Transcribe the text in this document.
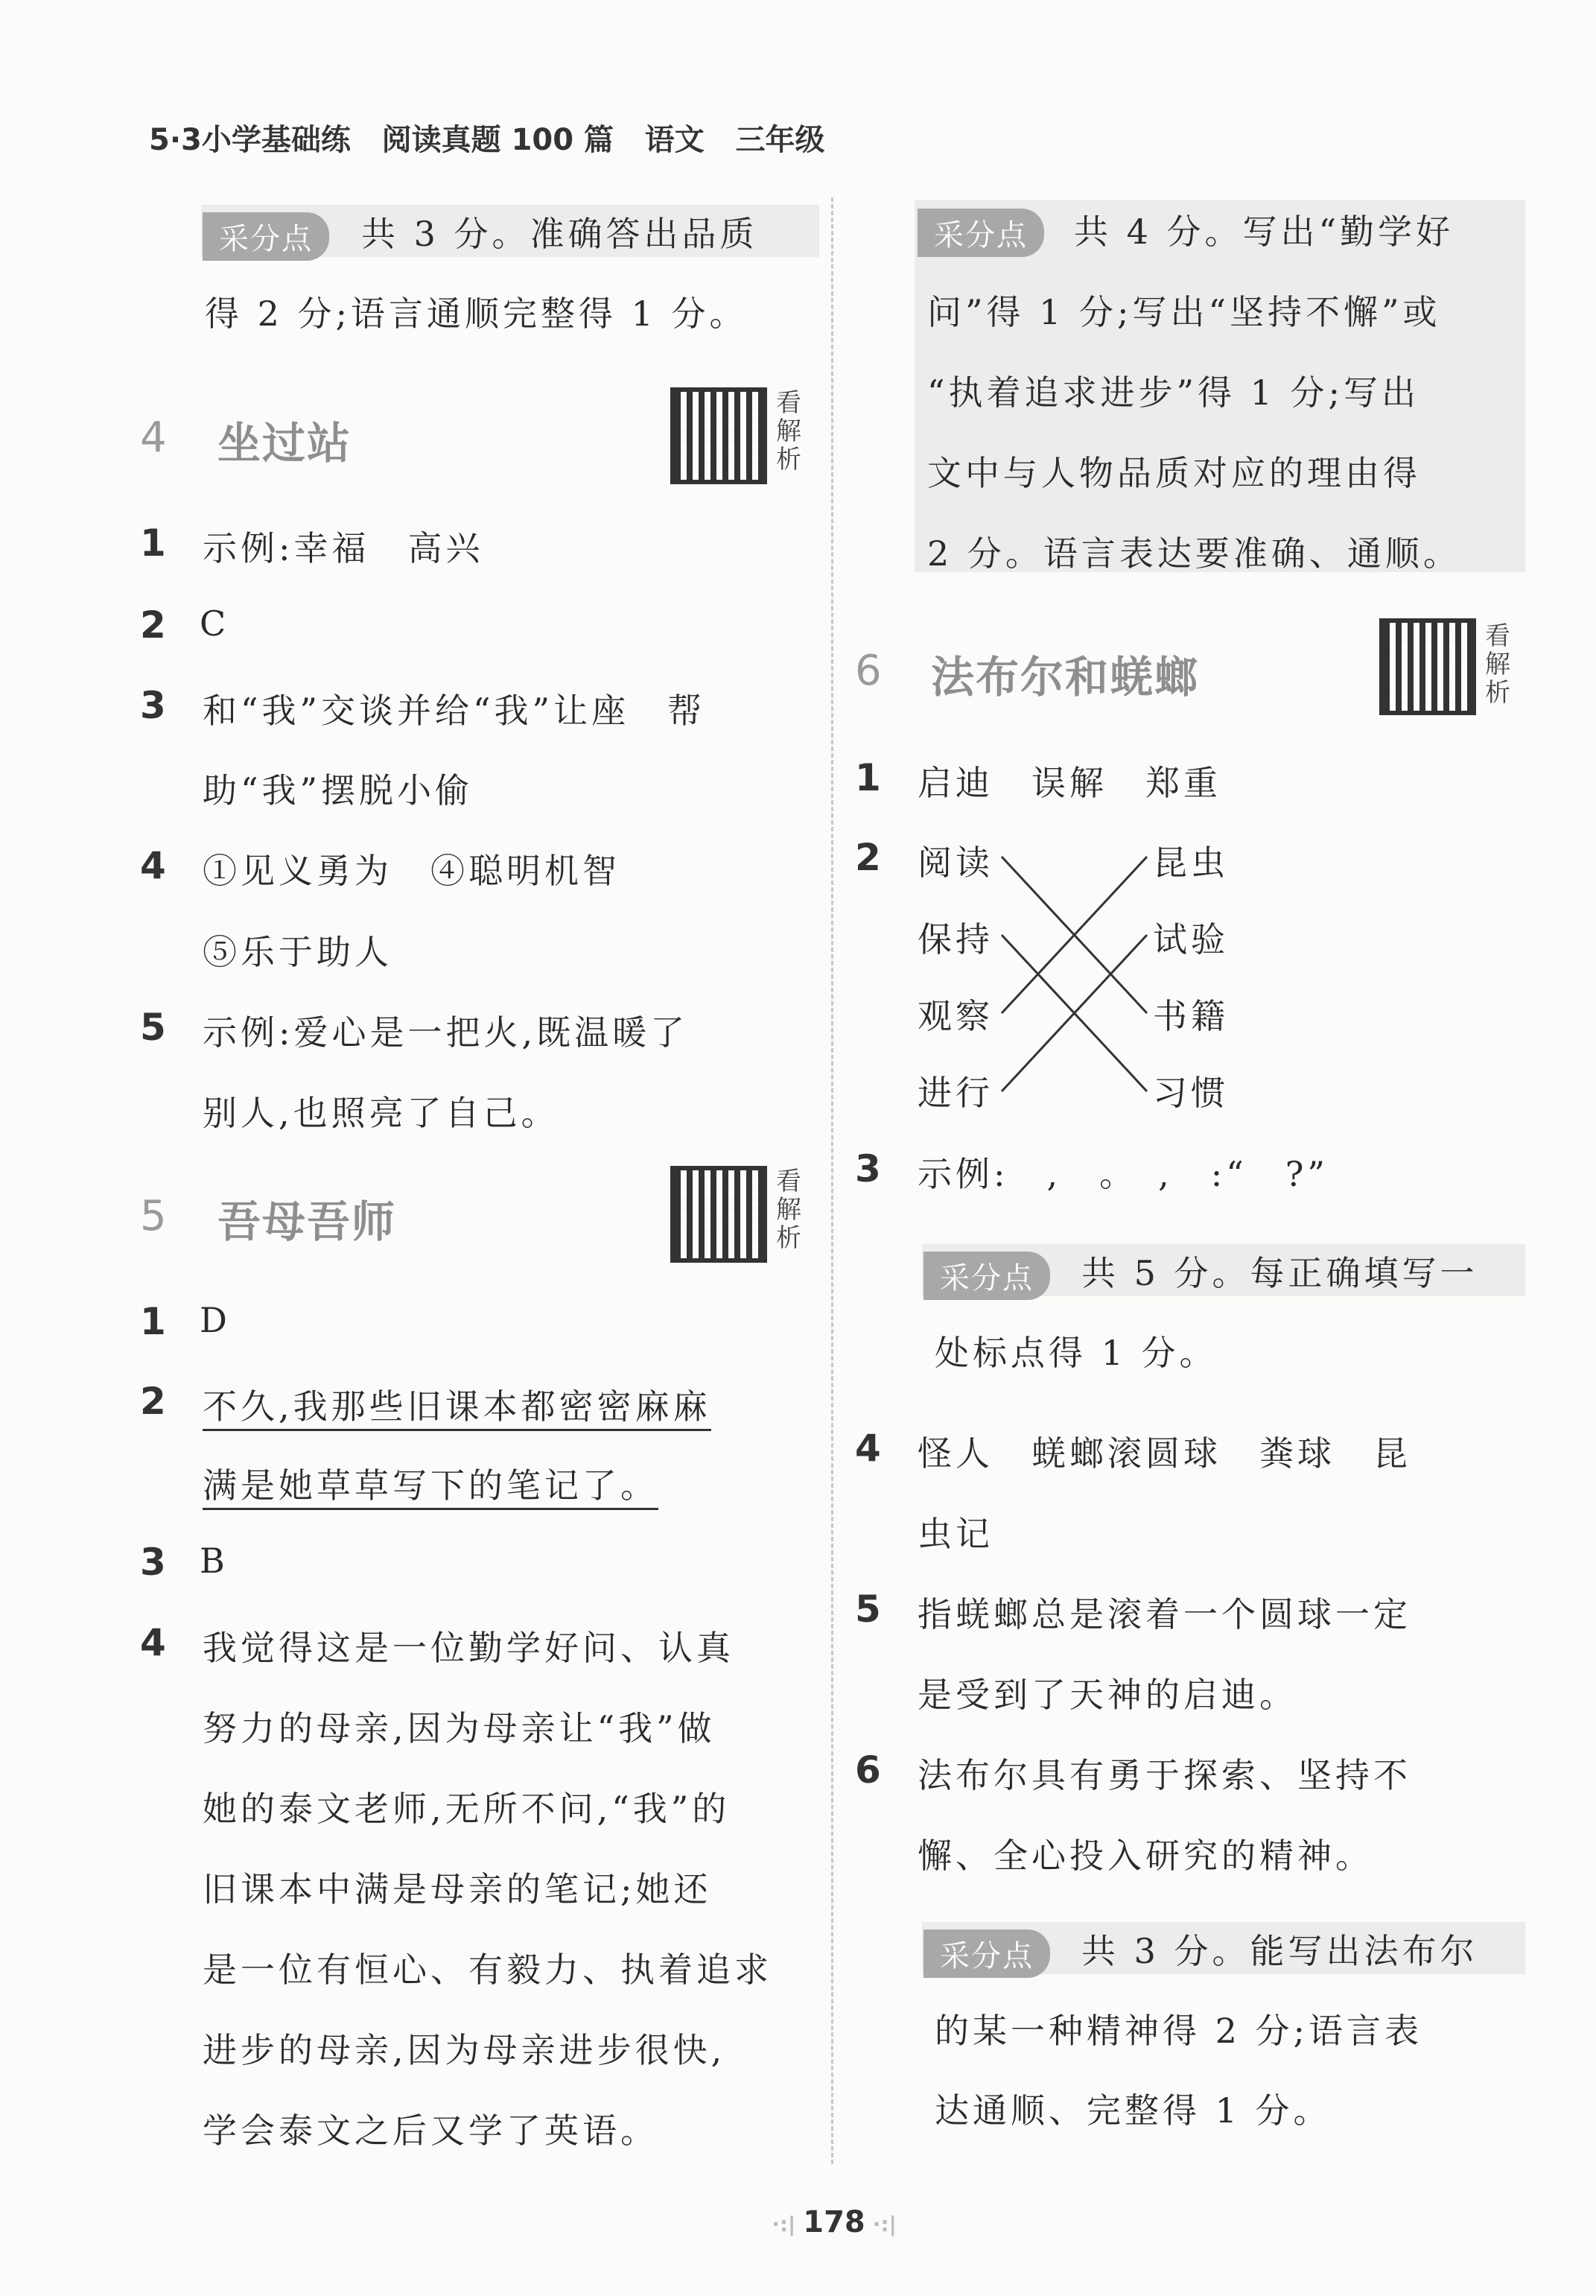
5·3小学基础练 阅读真题 100 篇 语文 三年级
采分点	共 3 分。准确答出品质
得 2 分;语言通顺完整得 1 分。
4 坐过站
看解析
1 示例:幸福　高兴
2 C
3 和“我”交谈并给“我”让座　帮
助“我”摆脱小偷
4 ①见义勇为　④聪明机智
⑤乐于助人
5 示例:爱心是一把火,既温暖了
别人,也照亮了自己。
5 吾母吾师
看解析
1 D
2 不久,我那些旧课本都密密麻麻
满是她草草写下的笔记了。
3 B
4 我觉得这是一位勤学好问、认真
努力的母亲,因为母亲让“我”做
她的泰文老师,无所不问,“我”的
旧课本中满是母亲的笔记;她还
是一位有恒心、有毅力、执着追求
进步的母亲,因为母亲进步很快,
学会泰文之后又学了英语。
采分点	共 4 分。写出“勤学好
问”得 1 分;写出“坚持不懈”或
“执着追求进步”得 1 分;写出
文中与人物品质对应的理由得
2 分。语言表达要准确、通顺。
6 法布尔和蜣螂
看解析
1 启迪　误解　郑重
2 阅读
保持
观察
进行
昆虫
试验
书籍
习惯
3 示例:　,　。　,　:“　?”
采分点	共 5 分。每正确填写一
处标点得 1 分。
4 怪人　蜣螂滚圆球　粪球　昆
虫记
5 指蜣螂总是滚着一个圆球一定
是受到了天神的启迪。
6 法布尔具有勇于探索、坚持不
懈、全心投入研究的精神。
采分点	共 3 分。能写出法布尔
的某一种精神得 2 分;语言表
达通顺、完整得 1 分。
·:| 178 ·:|
